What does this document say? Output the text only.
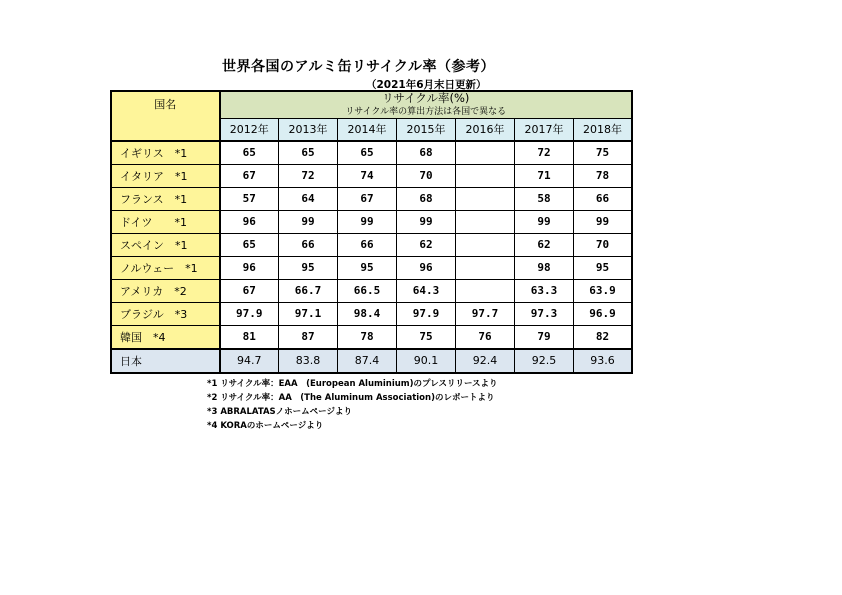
世界各国のアルミ缶リサイクル率（参考）
（2021年6月末日更新）
国名	リサイクル率(%)
リサイクル率の算出方法は各国で異なる						

	2012年	2013年	2014年	2015年	2016年	2017年	2018年
イギリス　*1	65	65	65	68		72	75
イタリア　*1	67	72	74	70		71	78
フランス　*1	57	64	67	68		58	66
ドイツ　　*1	96	99	99	99		99	99
スペイン　*1	65	66	66	62		62	70
ノルウェー　*1	96	95	95	96		98	95
アメリカ　*2	67	66.7	66.5	64.3		63.3	63.9
ブラジル　*3	97.9	97.1	98.4	97.9	97.7	97.3	96.9
韓国　*4	81	87	78	75	76	79	82
日本	94.7	83.8	87.4	90.1	92.4	92.5	93.6
*1 リサイクル率：EAA　(European Aluminium)のプレスリリースより
*2 リサイクル率：AA　(The Aluminum Association)のレポートより
*3 ABRALATASノホームページより
*4 KORAのホームページより
